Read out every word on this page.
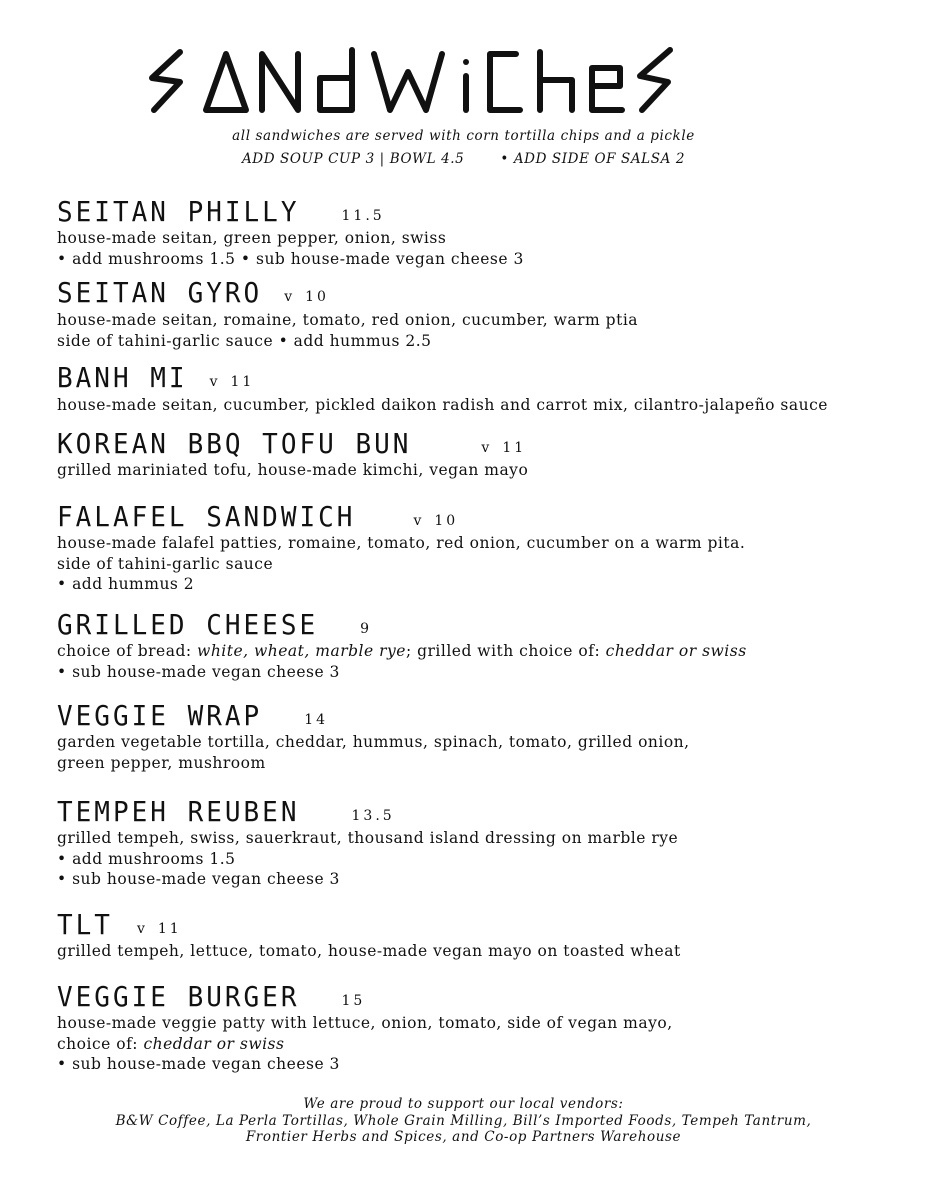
all sandwiches are served with corn tortilla chips and a pickle
ADD SOUP CUP 3 | BOWL 4.5	• ADD SIDE OF SALSA 2
SEITAN PHILLY	11.5
house-made seitan, green pepper, onion, swiss
• add mushrooms 1.5 • sub house-made vegan cheese 3
SEITAN GYRO v 10
house-made seitan, romaine, tomato, red onion, cucumber, warm ptia
side of tahini-garlic sauce • add hummus 2.5
BANH MI v 11
house-made seitan, cucumber, pickled daikon radish and carrot mix, cilantro-jalapeño sauce
KOREAN BBQ TOFU BUN	v 11
grilled mariniated tofu, house-made kimchi, vegan mayo
FALAFEL SANDWICH	v 10
house-made falafel patties, romaine, tomato, red onion, cucumber on a warm pita.
side of tahini-garlic sauce
• add hummus 2
GRILLED CHEESE	9
choice of bread: white, wheat, marble rye; grilled with choice of: cheddar or swiss
• sub house-made vegan cheese 3
VEGGIE WRAP	14
garden vegetable tortilla, cheddar, hummus, spinach, tomato, grilled onion,
green pepper, mushroom
TEMPEH REUBEN	13.5
grilled tempeh, swiss, sauerkraut, thousand island dressing on marble rye
• add mushrooms 1.5
• sub house-made vegan cheese 3
TLT v 11
grilled tempeh, lettuce, tomato, house-made vegan mayo on toasted wheat
VEGGIE BURGER	15
house-made veggie patty with lettuce, onion, tomato, side of vegan mayo,
choice of: cheddar or swiss
• sub house-made vegan cheese 3
We are proud to support our local vendors:
B&W Coffee, La Perla Tortillas, Whole Grain Milling, Bill’s Imported Foods, Tempeh Tantrum,
Frontier Herbs and Spices, and Co-op Partners Warehouse
